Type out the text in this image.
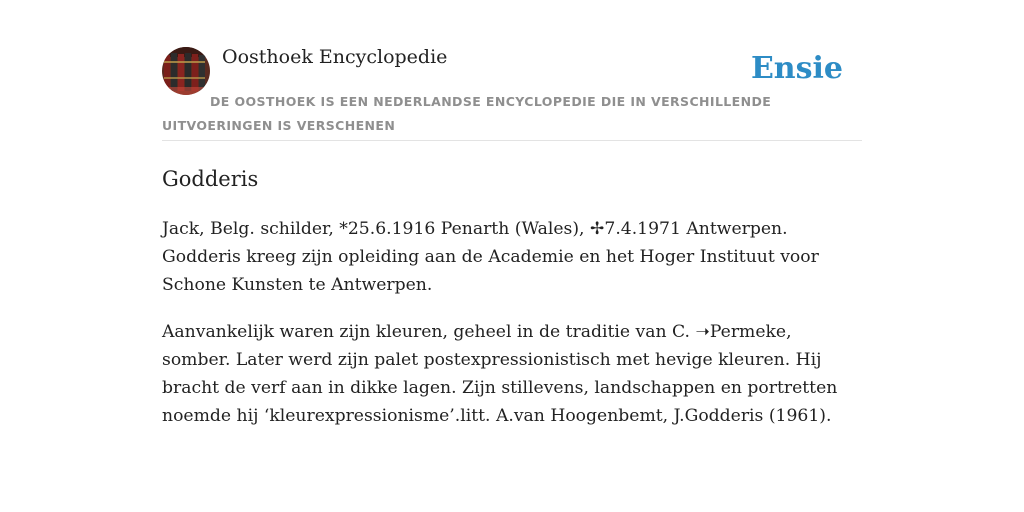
Oosthoek Encyclopedie	Ensie
DE OOSTHOEK IS EEN NEDERLANDSE ENCYCLOPEDIE DIE IN VERSCHILLENDE UITVOERINGEN IS VERSCHENEN
Godderis

Jack, Belg. schilder, *25.6.1916 Penarth (Wales), ✢7.4.1971 Antwerpen. Godderis kreeg zijn opleiding aan de Academie en het Hoger Instituut voor Schone Kunsten te Antwerpen.

Aanvankelijk waren zijn kleuren, geheel in de traditie van C. ➝Permeke, somber. Later werd zijn palet postexpressionistisch met hevige kleuren. Hij bracht de verf aan in dikke lagen. Zijn stillevens, landschappen en portretten noemde hij ‘kleurexpressionisme’.litt. A.van Hoogenbemt, J.Godderis (1961).
